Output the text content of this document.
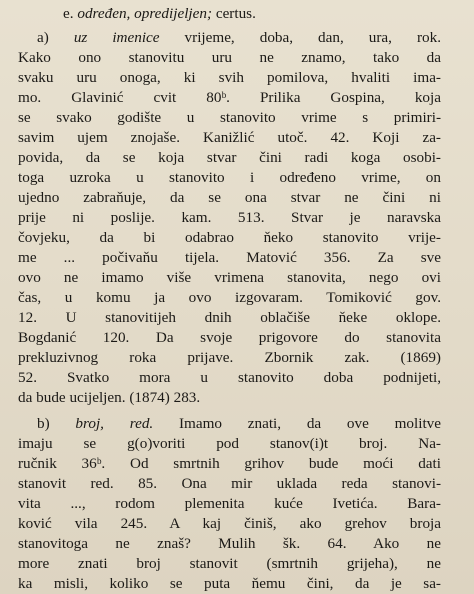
e. određen, opredijeljen; certus.
a) uz imenice vrijeme, doba, dan, ura, rok.
Kako ono stanovitu uru ne znamo, tako da
svaku uru onoga, ki svih pomilova, hvaliti ima-
mo. Glavinić cvit 80ᵇ. Prilika Gospina, koja
se svako godište u stanovito vrime s primiri-
savim ujem znojaše. Kanižlić utoč. 42. Koji za-
povida, da se koja stvar čini radi koga osobi-
toga uzroka u stanovito i određeno vrime, on
ujedno zabraňuje, da se ona stvar ne čini ni
prije ni poslije. kam. 513. Stvar je naravska
čovjeku, da bi odabrao ňeko stanovito vrije-
me ... počivaňu tijela. Matović 356. Za sve
ovo ne imamo više vrimena stanovita, nego ovi
čas, u komu ja ovo izgovaram. Tomiković gov.
12. U stanovitijeh dnih oblačiše ňeke oklope.
Bogdanić 120. Da svoje prigovore do stanovita
prekluzivnog roka prijave. Zbornik zak. (1869)
52. Svatko mora u stanovito doba podnijeti,
da bude ucijeljen. (1874) 283.
b) broj, red. Imamo znati, da ove molitve
imaju se g(o)voriti pod stanov(i)t broj. Na-
ručnik 36ᵇ. Od smrtnih grihov bude moći dati
stanovit red. 85. Ona mir uklada reda stanovi-
vita ..., rodom plemenita kuće Ivetića. Bara-
ković vila 245. A kaj činiš, ako grehov broja
stanovitoga ne znaš? Mulih šk. 64. Ako ne
more znati broj stanovit (smrtnih grijeha), ne
ka misli, koliko se puta ňemu čini, da je sa-
